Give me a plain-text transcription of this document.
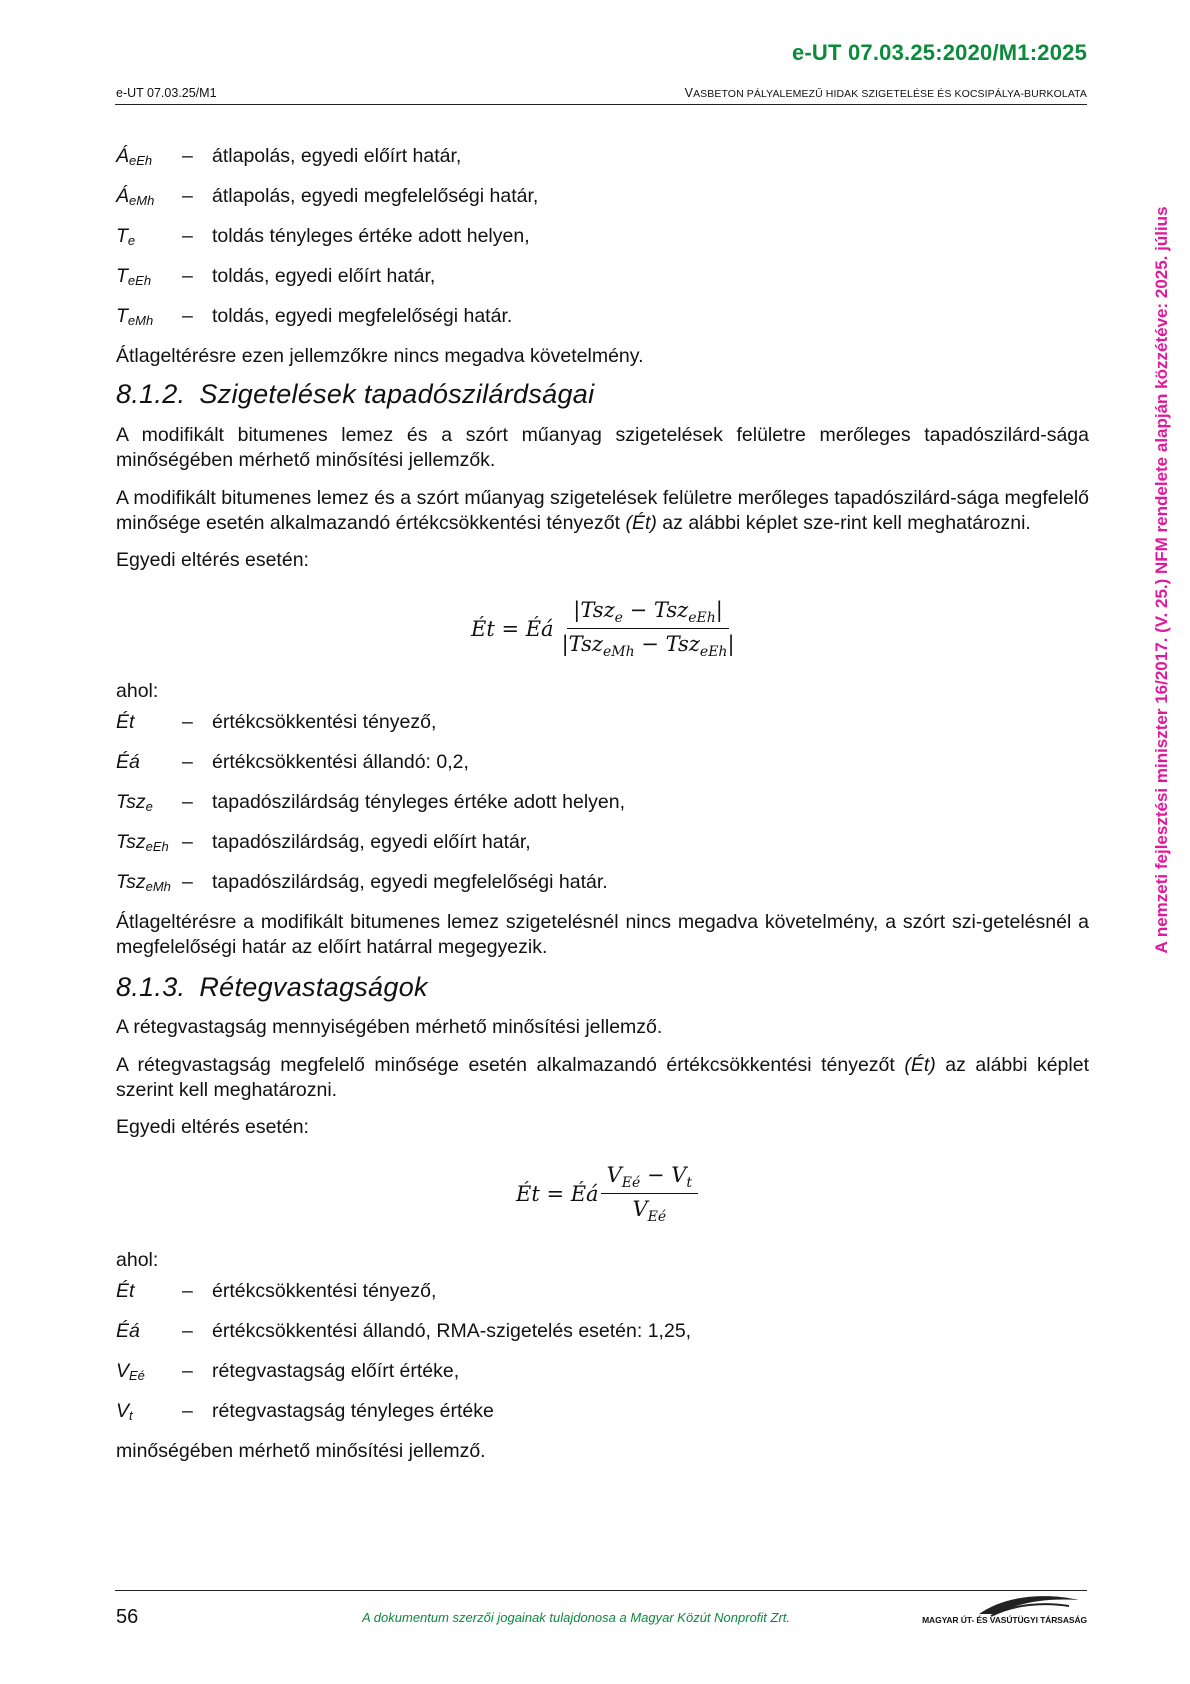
e-UT 07.03.25:2020/M1:2025
e-UT 07.03.25/M1	VASBETON PÁLYALEMEZŰ HIDAK SZIGETELÉSE ÉS KOCSIPÁLYA-BURKOLATA
A nemzeti fejlesztési miniszter 16/2017. (V. 25.) NFM rendelete alapján közzétéve: 2025. július
$Á_{eEh}$	– átlapolás, egyedi előírt határ,
$Á_{eMh}$	– átlapolás, egyedi megfelelőségi határ,
$T_e$	– toldás tényleges értéke adott helyen,
$T_{eEh}$	– toldás, egyedi előírt határ,
$T_{eMh}$	– toldás, egyedi megfelelőségi határ.

Átlageltérésre ezen jellemzőkre nincs megadva követelmény.

8.1.2. Szigetelések tapadószilárdságai

A modifikált bitumenes lemez és a szórt műanyag szigetelések felületre merőleges tapadószilárd-sága minőségében mérhető minősítési jellemzők.

A modifikált bitumenes lemez és a szórt műanyag szigetelések felületre merőleges tapadószilárd-sága megfelelő minősége esetén alkalmazandó értékcsökkentési tényezőt (Ét) az alábbi képlet sze-rint kell meghatározni.

Egyedi eltérés esetén:

Ét = Éá $\frac{|Tsz_e - Tsz_{eEh}|}{|Tsz_{eMh} - Tsz_{eEh}|}$

ahol:

Ét	– értékcsökkentési tényező,
Éá	– értékcsökkentési állandó: 0,2,
Tsz$_e$	– tapadószilárdság tényleges értéke adott helyen,
Tsz$_{eEh}$ – tapadószilárdság, egyedi előírt határ,
Tsz$_{eMh}$ – tapadószilárdság, egyedi megfelelőségi határ.

Átlageltérésre a modifikált bitumenes lemez szigetelésnél nincs megadva követelmény, a szórt szi-getelésnél a megfelelőségi határ az előírt határral megegyezik.

8.1.3. Rétegvastagságok

A rétegvastagság mennyiségében mérhető minősítési jellemző.

A rétegvastagság megfelelő minősége esetén alkalmazandó értékcsökkentési tényezőt (Ét) az alábbi képlet szerint kell meghatározni.

Egyedi eltérés esetén:

Ét = Éá $\frac{V_{Eé} - V_t}{V_{Eé}}$

ahol:

Ét	– értékcsökkentési tényező,
Éá	– értékcsökkentési állandó, RMA-szigetelés esetén: 1,25,
$V_{Eé}$	– rétegvastagság előírt értéke,
$V_t$	– rétegvastagság tényleges értéke

minőségében mérhető minősítési jellemző.

56	A dokumentum szerzői jogainak tulajdonosa a Magyar Közút Nonprofit Zrt.	MAGYAR ÚT- ÉS VASÚTÜGYI TÁRSASÁG
